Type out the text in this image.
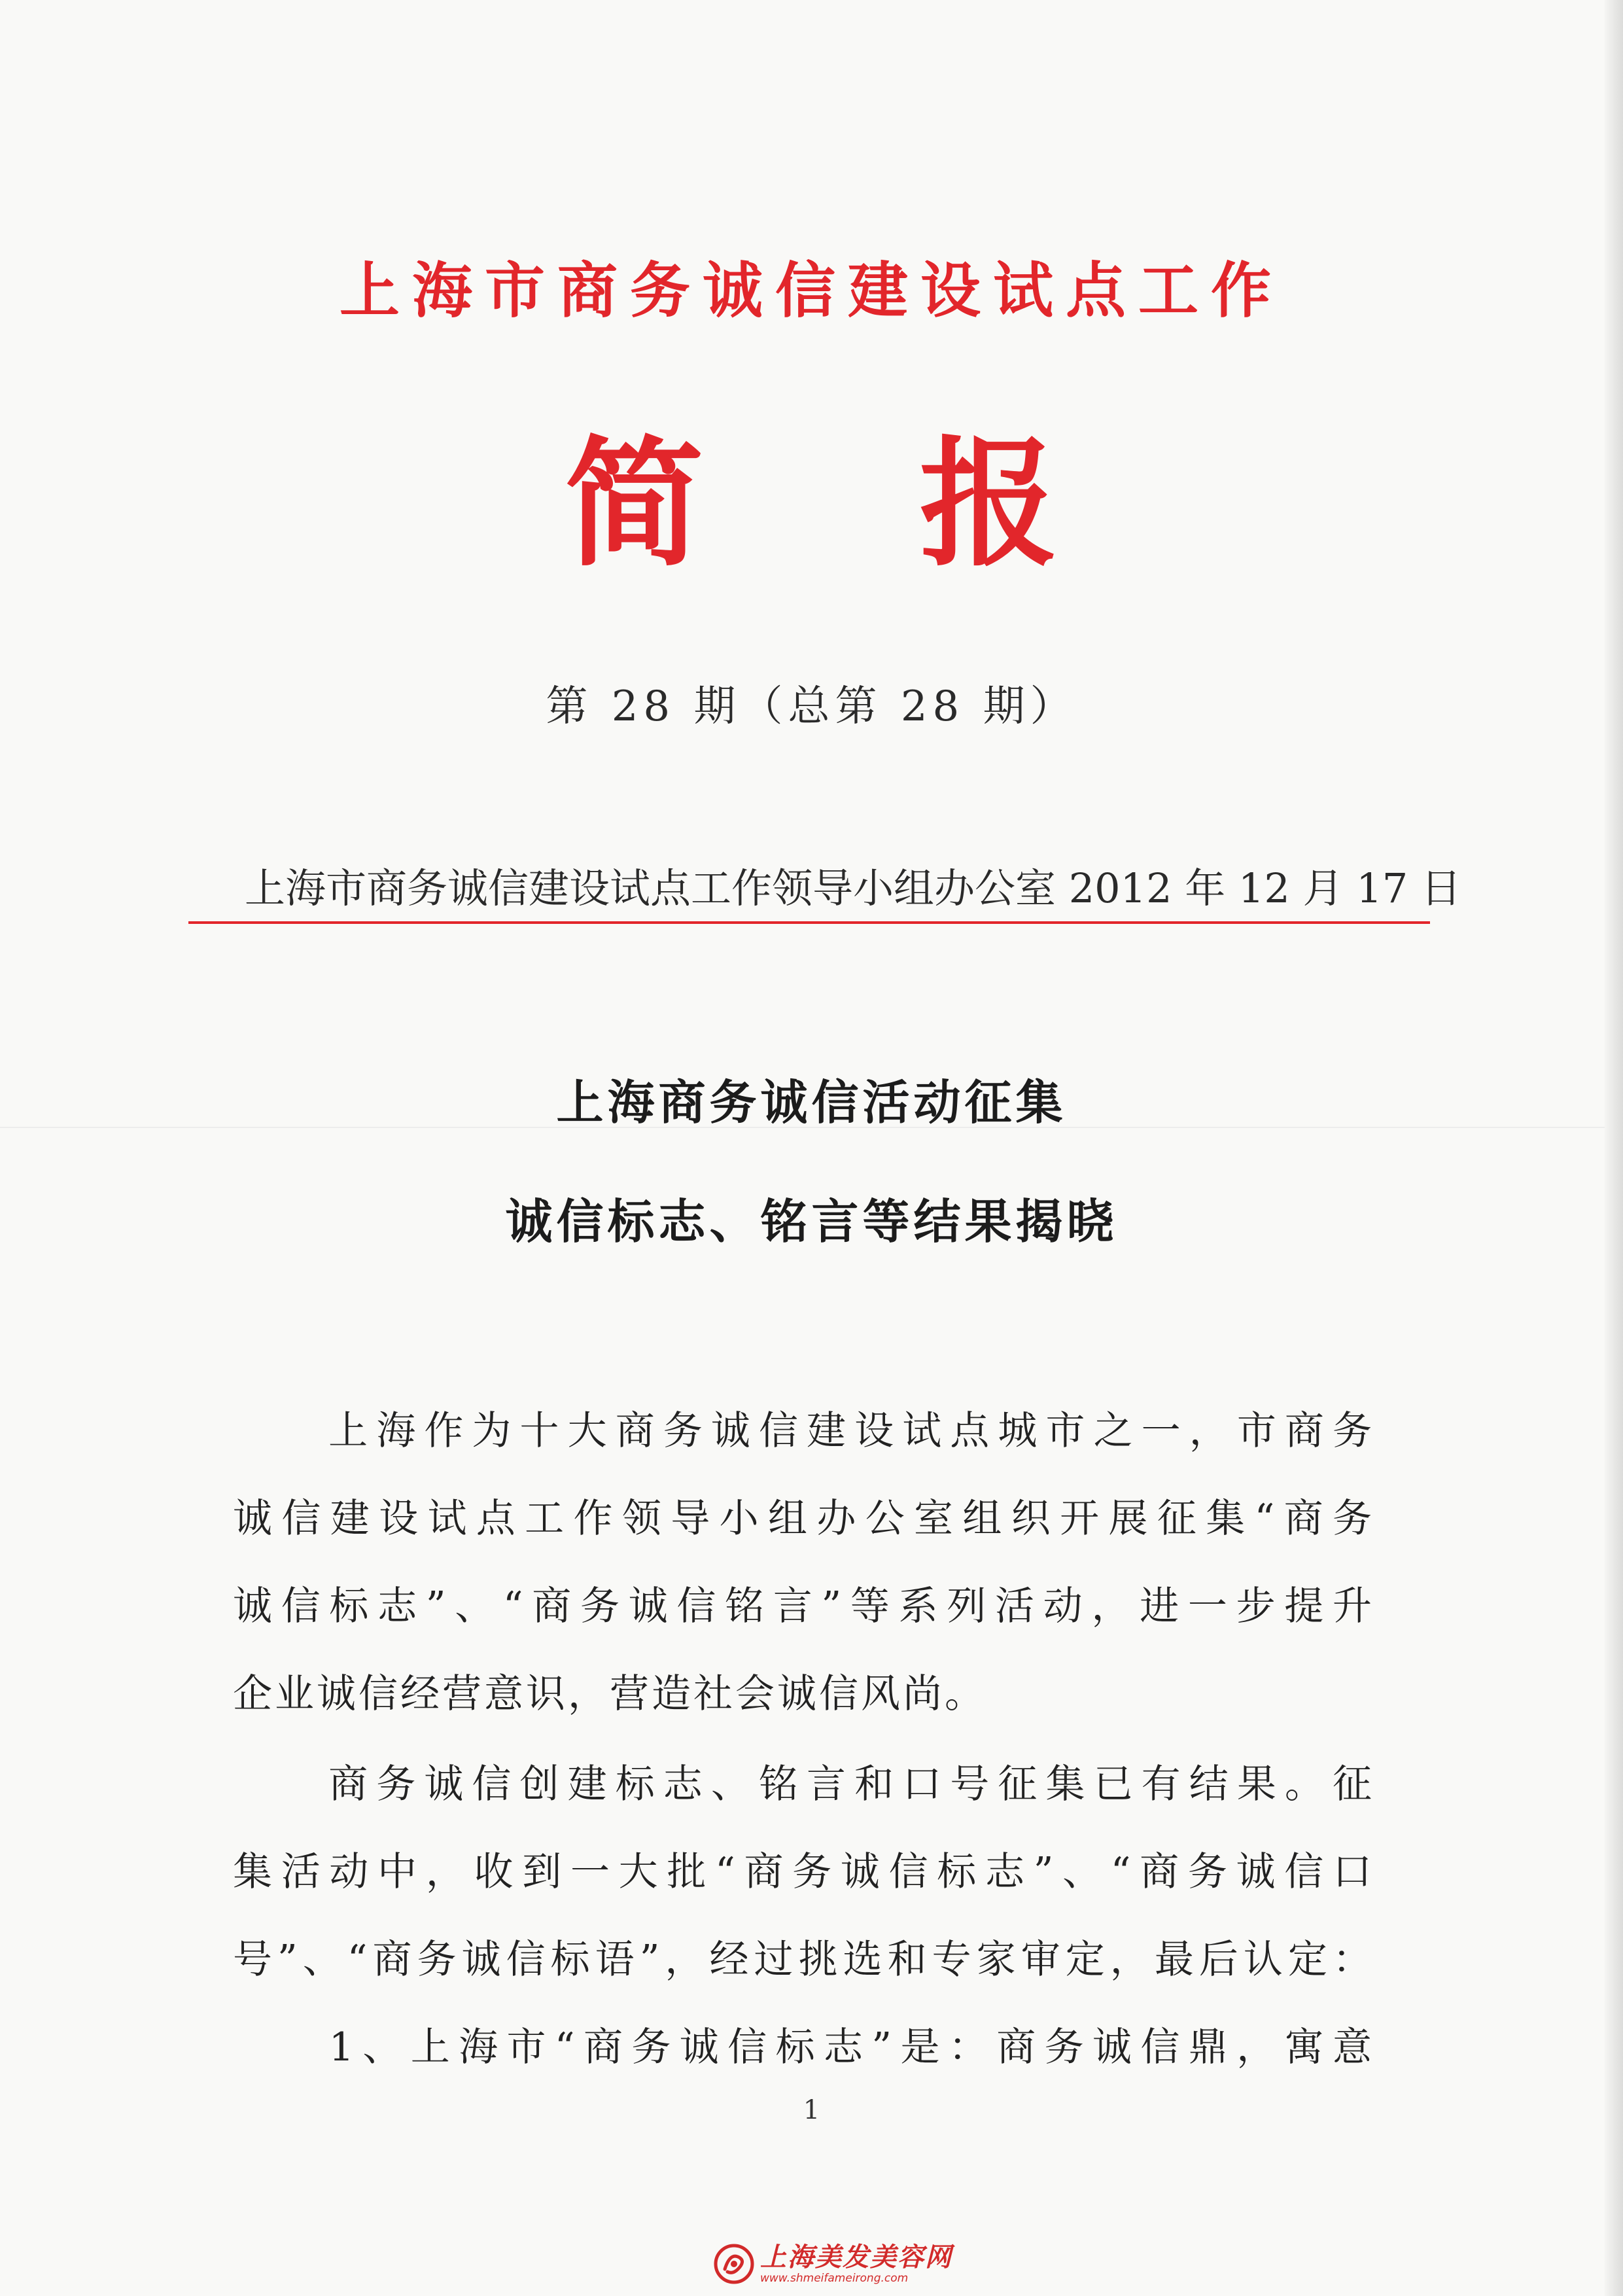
上海市商务诚信建设试点工作
简 报
第 28 期（总第 28 期）
上海市商务诚信建设试点工作领导小组办公室 2012 年 12 月 17 日
上海商务诚信活动征集
诚信标志、铭言等结果揭晓
　　上海作为十大商务诚信建设试点城市之一，市商务
诚信建设试点工作领导小组办公室组织开展征集“商务
诚信标志”、“商务诚信铭言”等系列活动，进一步提升
企业诚信经营意识，营造社会诚信风尚。
　　商务诚信创建标志、铭言和口号征集已有结果。征
集活动中，收到一大批“商务诚信标志”、“商务诚信口
号”、“商务诚信标语”，经过挑选和专家审定，最后认定：
　　1、上海市“商务诚信标志”是：商务诚信鼎，寓意
1
上海美发美容网
www.shmeifameirong.com
